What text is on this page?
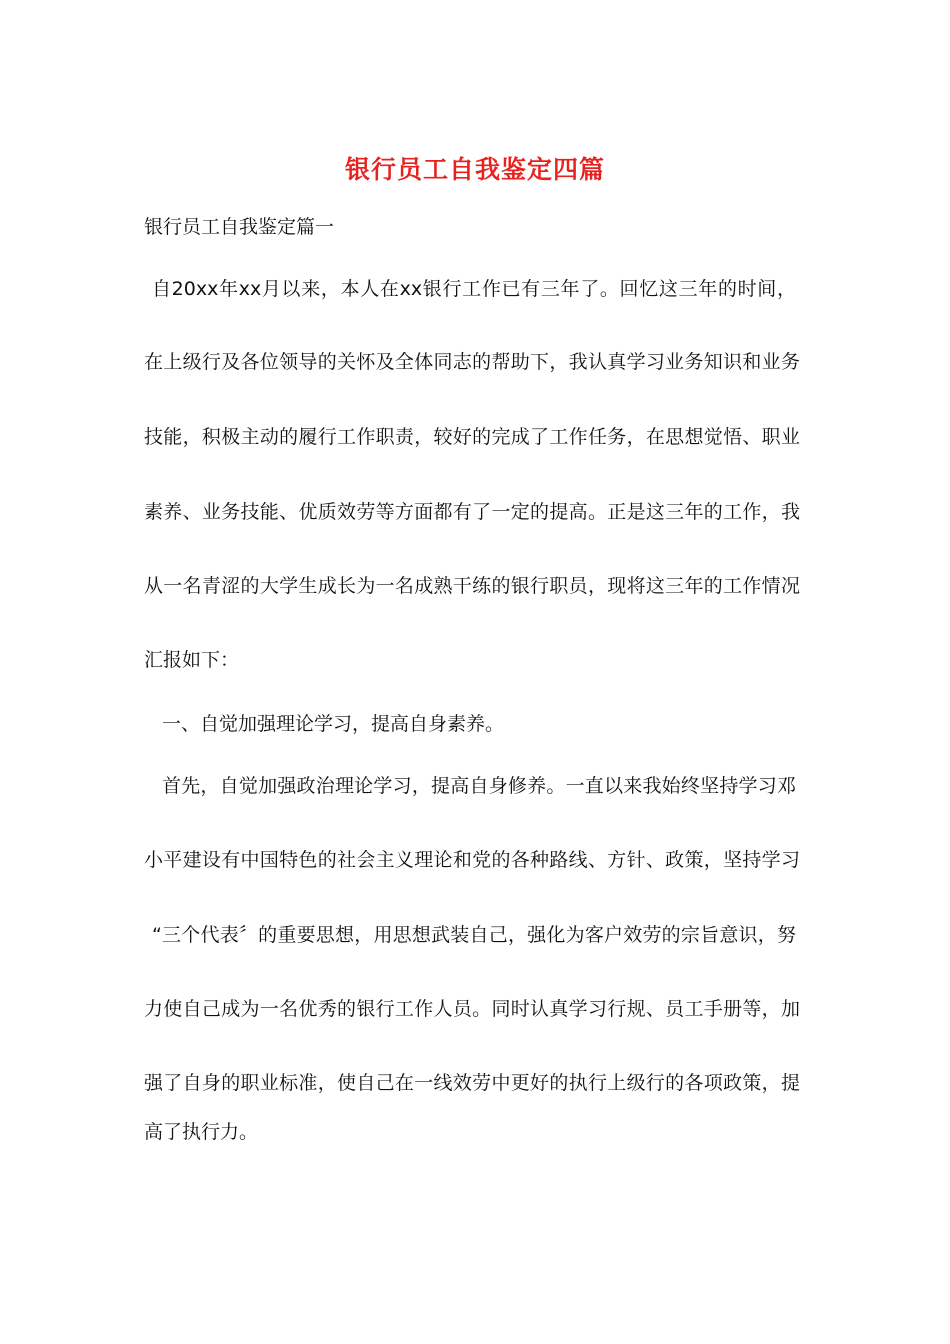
银行员工自我鉴定四篇
银行员工自我鉴定篇一
自20xx年xx月以来，本人在xx银行工作已有三年了。回忆这三年的时间，
在上级行及各位领导的关怀及全体同志的帮助下，我认真学习业务知识和业务
技能，积极主动的履行工作职责，较好的完成了工作任务，在思想觉悟、职业
素养、业务技能、优质效劳等方面都有了一定的提高。正是这三年的工作，我
从一名青涩的大学生成长为一名成熟干练的银行职员，现将这三年的工作情况
汇报如下：
一、自觉加强理论学习，提高自身素养。
首先，自觉加强政治理论学习，提高自身修养。一直以来我始终坚持学习邓
小平建设有中国特色的社会主义理论和党的各种路线、方针、政策，坚持学习
“三个代表〞的重要思想，用思想武装自己，强化为客户效劳的宗旨意识，努
力使自己成为一名优秀的银行工作人员。同时认真学习行规、员工手册等，加
强了自身的职业标准，使自己在一线效劳中更好的执行上级行的各项政策，提
高了执行力。
